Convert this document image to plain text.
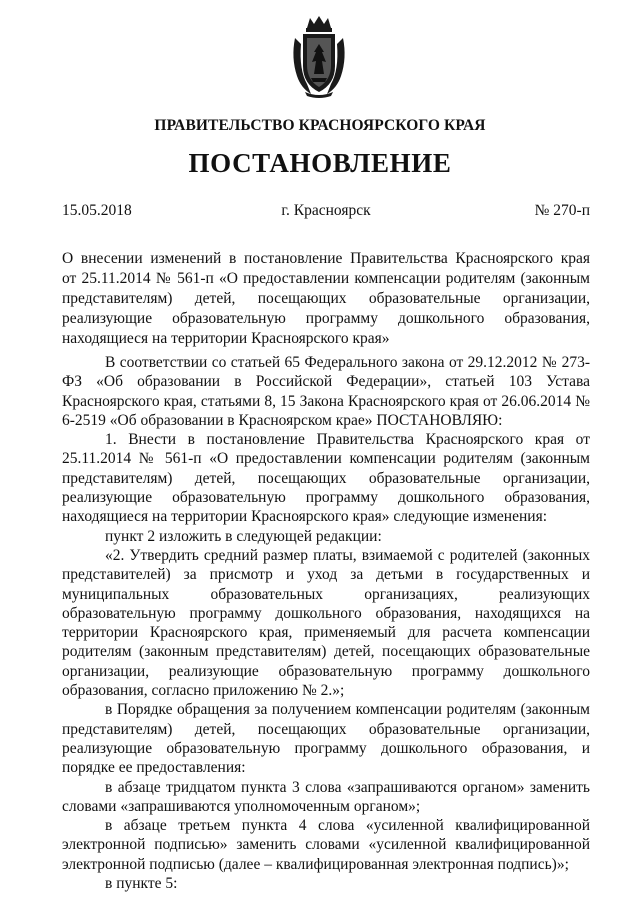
ПРАВИТЕЛЬСТВО КРАСНОЯРСКОГО КРАЯ
ПОСТАНОВЛЕНИЕ
15.05.2018	г. Красноярск	№ 270-п
О внесении изменений в постановление Правительства Красноярского края
от 25.11.2014 № 561-п «О предоставлении компенсации родителям (законным
представителям) детей, посещающих образовательные организации,
реализующие образовательную программу дошкольного образования,
находящиеся на территории Красноярского края»

В соответствии со статьей 65 Федерального закона от 29.12.2012 № 273-ФЗ «Об образовании в Российской Федерации», статьей 103 Устава Красноярского края, статьями 8, 15 Закона Красноярского края от 26.06.2014 № 6-2519 «Об образовании в Красноярском крае» ПОСТАНОВЛЯЮ:

1. Внести в постановление Правительства Красноярского края от 25.11.2014 № 561-п «О предоставлении компенсации родителям (законным представителям) детей, посещающих образовательные организации, реализующие образовательную программу дошкольного образования, находящиеся на территории Красноярского края» следующие изменения:

пункт 2 изложить в следующей редакции:

«2. Утвердить средний размер платы, взимаемой с родителей (законных представителей) за присмотр и уход за детьми в государственных и муниципальных образовательных организациях, реализующих образовательную программу дошкольного образования, находящихся на территории Красноярского края, применяемый для расчета компенсации родителям (законным представителям) детей, посещающих образовательные организации, реализующие образовательную программу дошкольного образования, согласно приложению № 2.»;

в Порядке обращения за получением компенсации родителям (законным представителям) детей, посещающих образовательные организации, реализующие образовательную программу дошкольного образования, и порядке ее предоставления:

в абзаце тридцатом пункта 3 слова «запрашиваются органом» заменить словами «запрашиваются уполномоченным органом»;

в абзаце третьем пункта 4 слова «усиленной квалифицированной электронной подписью» заменить словами «усиленной квалифицированной электронной подписью (далее – квалифицированная электронная подпись)»;

в пункте 5:
